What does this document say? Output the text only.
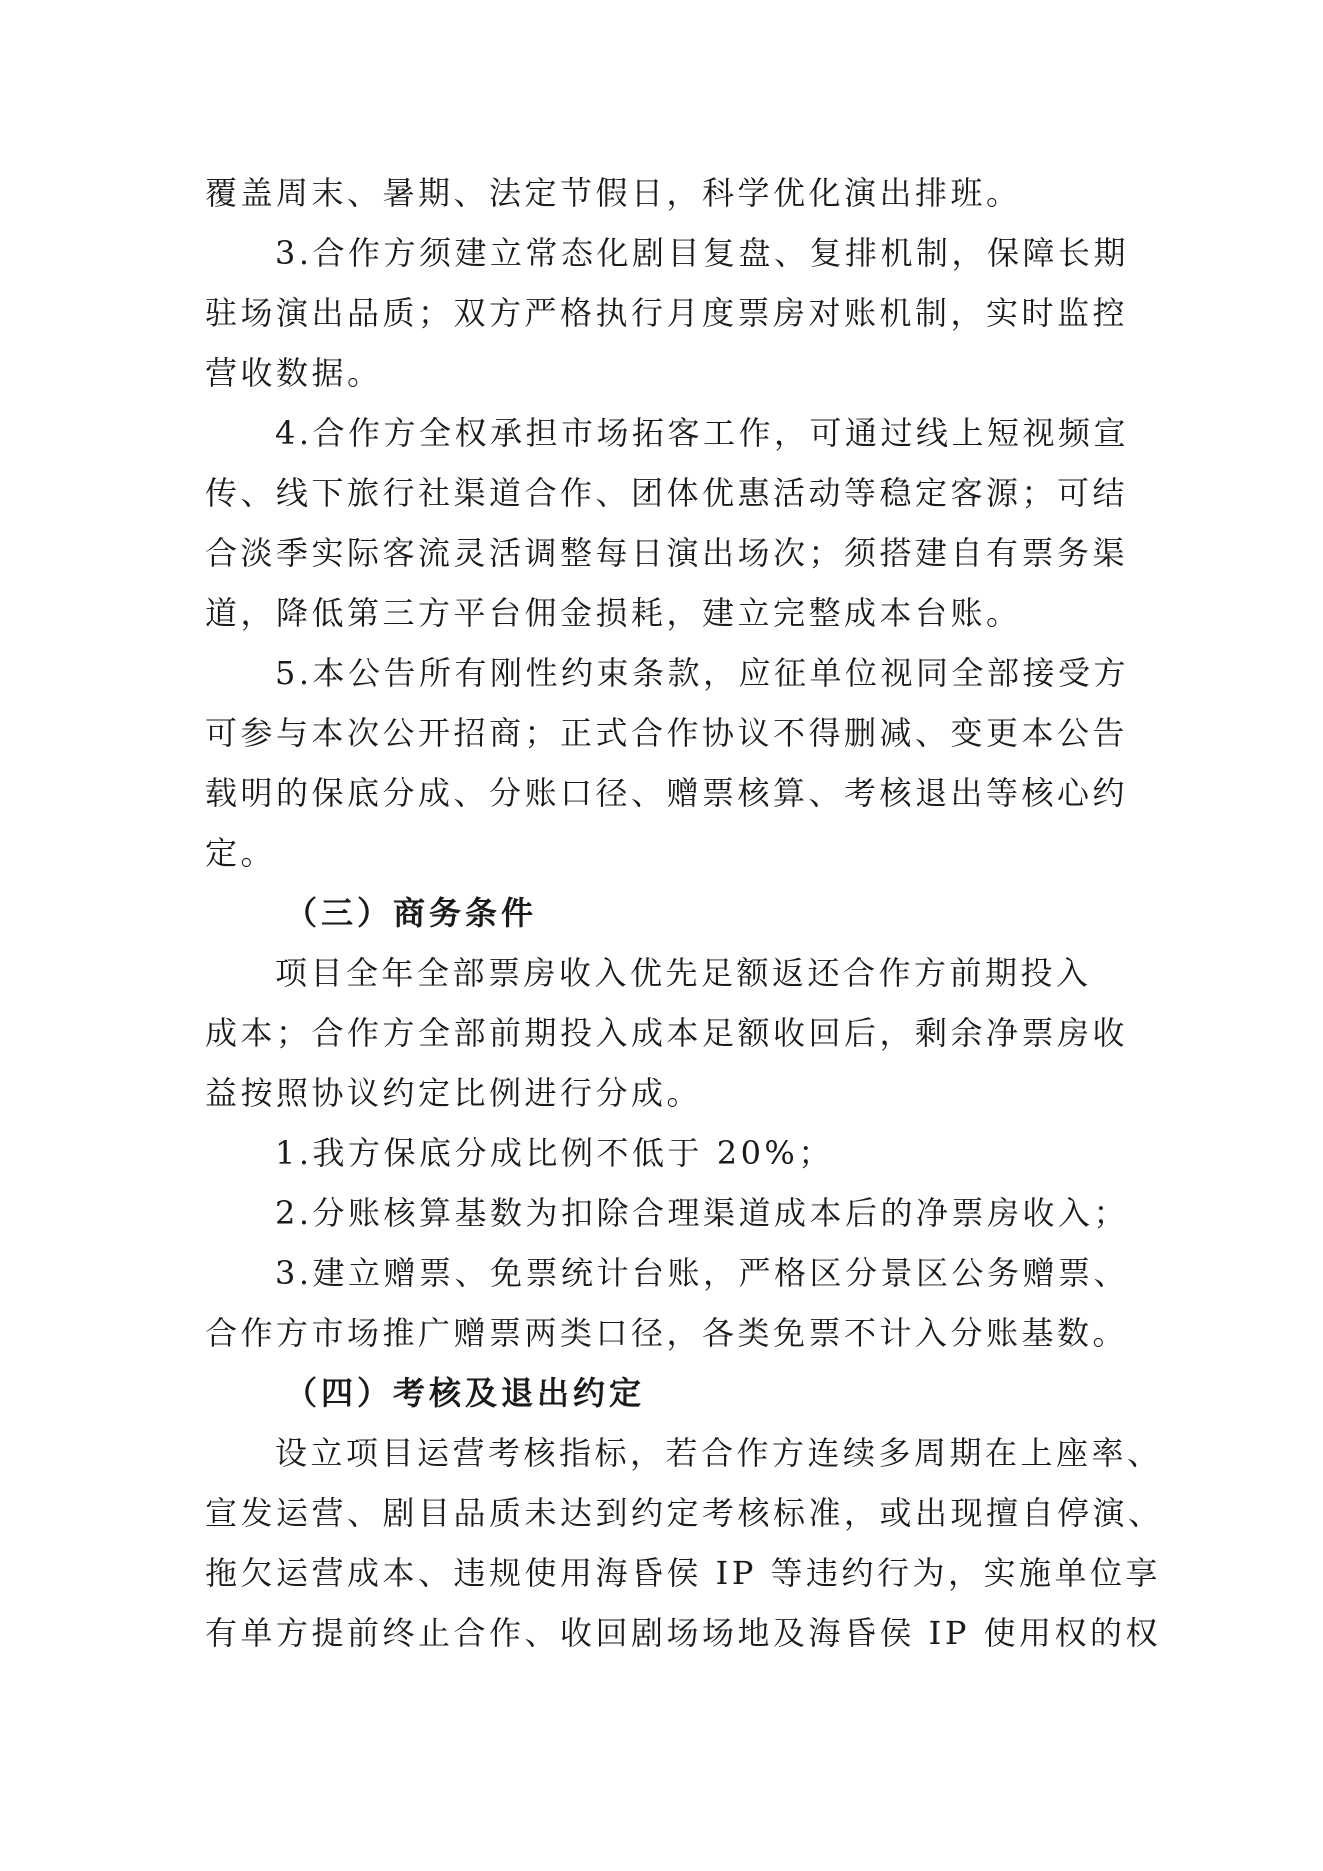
覆盖周末、暑期、法定节假日，科学优化演出排班。
3.合作方须建立常态化剧目复盘、复排机制，保障长期
驻场演出品质；双方严格执行月度票房对账机制，实时监控
营收数据。
4.合作方全权承担市场拓客工作，可通过线上短视频宣
传、线下旅行社渠道合作、团体优惠活动等稳定客源；可结
合淡季实际客流灵活调整每日演出场次；须搭建自有票务渠
道，降低第三方平台佣金损耗，建立完整成本台账。
5.本公告所有刚性约束条款，应征单位视同全部接受方
可参与本次公开招商；正式合作协议不得删减、变更本公告
载明的保底分成、分账口径、赠票核算、考核退出等核心约
定。
（三）商务条件
项目全年全部票房收入优先足额返还合作方前期投入
成本；合作方全部前期投入成本足额收回后，剩余净票房收
益按照协议约定比例进行分成。
1.我方保底分成比例不低于 20%；
2.分账核算基数为扣除合理渠道成本后的净票房收入；
3.建立赠票、免票统计台账，严格区分景区公务赠票、
合作方市场推广赠票两类口径，各类免票不计入分账基数。
（四）考核及退出约定
设立项目运营考核指标，若合作方连续多周期在上座率、
宣发运营、剧目品质未达到约定考核标准，或出现擅自停演、
拖欠运营成本、违规使用海昏侯 IP 等违约行为，实施单位享
有单方提前终止合作、收回剧场场地及海昏侯 IP 使用权的权
